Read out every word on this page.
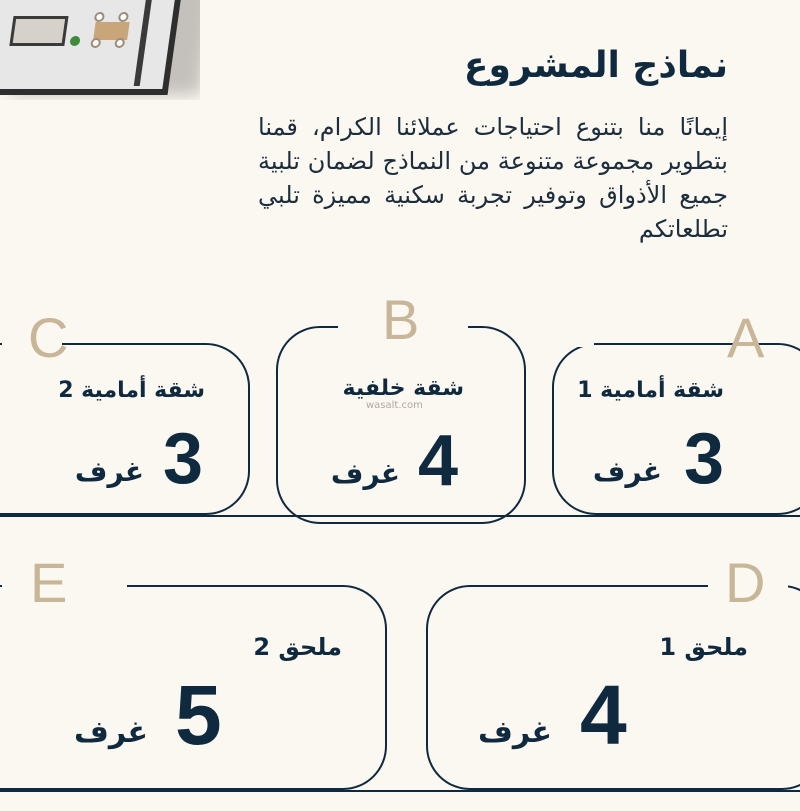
نماذج المشروع
إيمانًا منا بتنوع احتياجات عملائنا الكرام، قمنا بتطوير مجموعة متنوعة من النماذج لضمان تلبية جميع الأذواق وتوفير تجربة سكنية مميزة تلبي تطلعاتكم
A
شقة أمامية 1
3
غرف
B
شقة خلفية
wasalt.com
4
غرف
C
شقة أمامية 2
3
غرف
D
ملحق 1
4
غرف
E
ملحق 2
5
غرف
